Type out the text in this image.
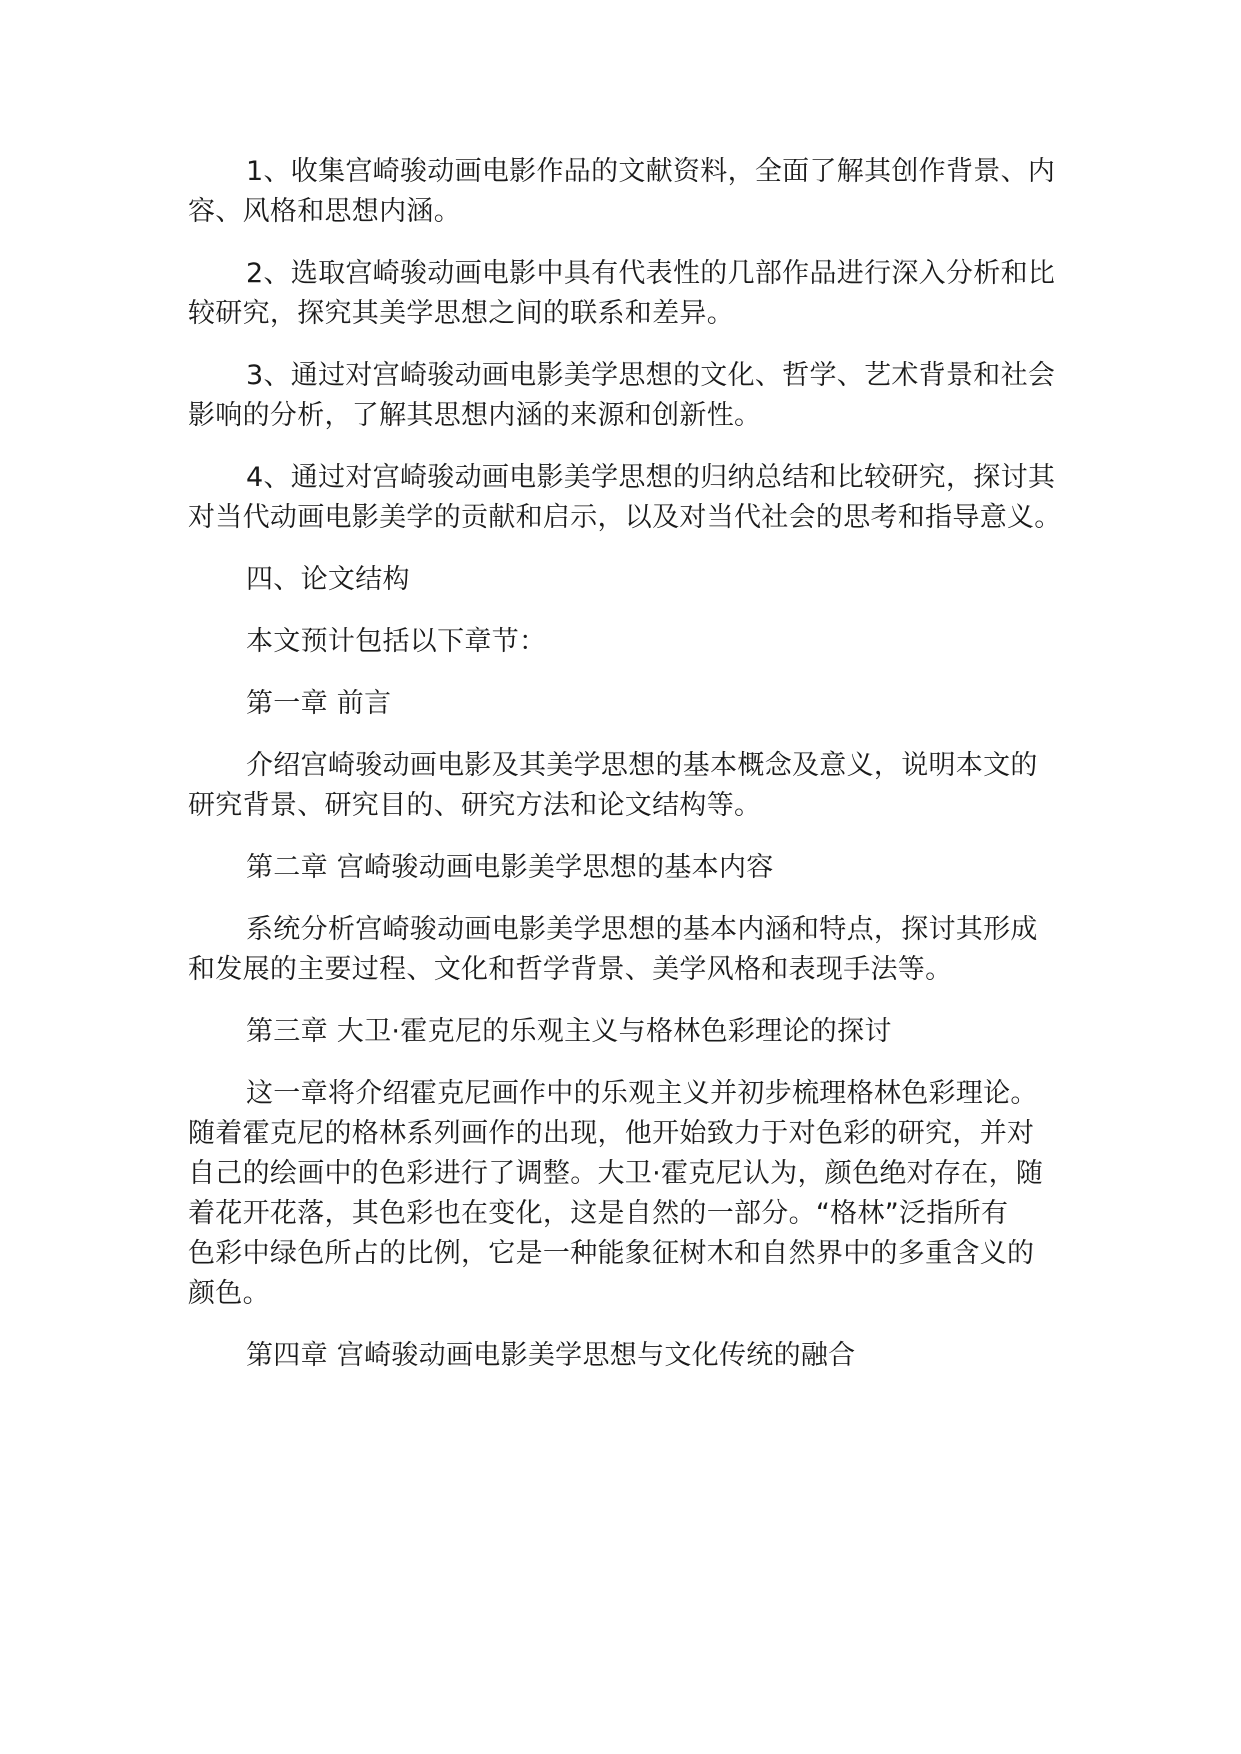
1、收集宫崎骏动画电影作品的文献资料，全面了解其创作背景、内
容、风格和思想内涵。

2、选取宫崎骏动画电影中具有代表性的几部作品进行深入分析和比
较研究，探究其美学思想之间的联系和差异。

3、通过对宫崎骏动画电影美学思想的文化、哲学、艺术背景和社会
影响的分析，了解其思想内涵的来源和创新性。

4、通过对宫崎骏动画电影美学思想的归纳总结和比较研究，探讨其
对当代动画电影美学的贡献和启示，以及对当代社会的思考和指导意义。

四、论文结构

本文预计包括以下章节：

第一章 前言

介绍宫崎骏动画电影及其美学思想的基本概念及意义，说明本文的
研究背景、研究目的、研究方法和论文结构等。

第二章 宫崎骏动画电影美学思想的基本内容

系统分析宫崎骏动画电影美学思想的基本内涵和特点，探讨其形成
和发展的主要过程、文化和哲学背景、美学风格和表现手法等。

第三章 大卫·霍克尼的乐观主义与格林色彩理论的探讨

这一章将介绍霍克尼画作中的乐观主义并初步梳理格林色彩理论。
随着霍克尼的格林系列画作的出现，他开始致力于对色彩的研究，并对
自己的绘画中的色彩进行了调整。大卫·霍克尼认为，颜色绝对存在，随
着花开花落，其色彩也在变化，这是自然的一部分。“格林”泛指所有
色彩中绿色所占的比例，它是一种能象征树木和自然界中的多重含义的
颜色。

第四章 宫崎骏动画电影美学思想与文化传统的融合
